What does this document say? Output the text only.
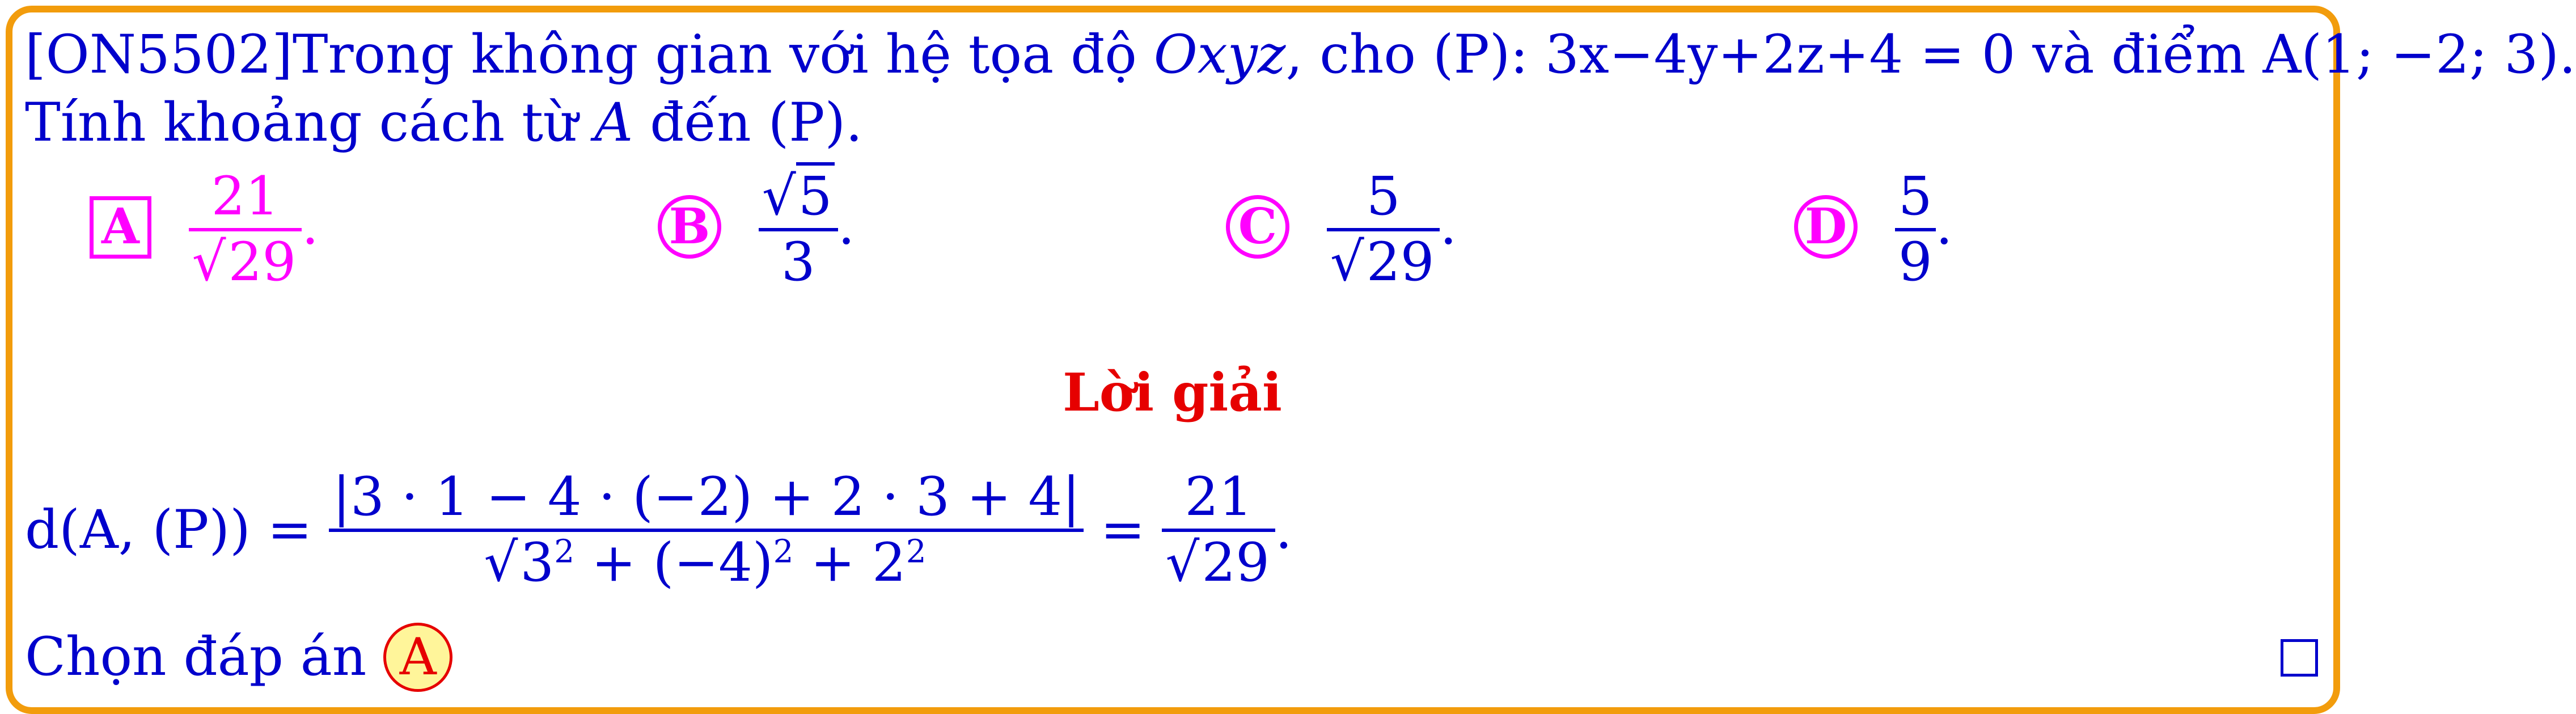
[ON5502]Trong không gian với hệ tọa độ Oxyz, cho (P): 3x−4y+2z+4 = 0 và điểm A(1; −2; 3).
Tính khoảng cách từ A đến (P).
A	21
√29
.	B √5
3
.	C	5
√29
.	D 5
9
.
Lời giải
d(A, (P)) =
|3 · 1 − 4 · (−2) + 2 · 3 + 4|
$√3^2 + (-4)^2 + 2^2$	=
21
√29
.
Chọn đáp án A
